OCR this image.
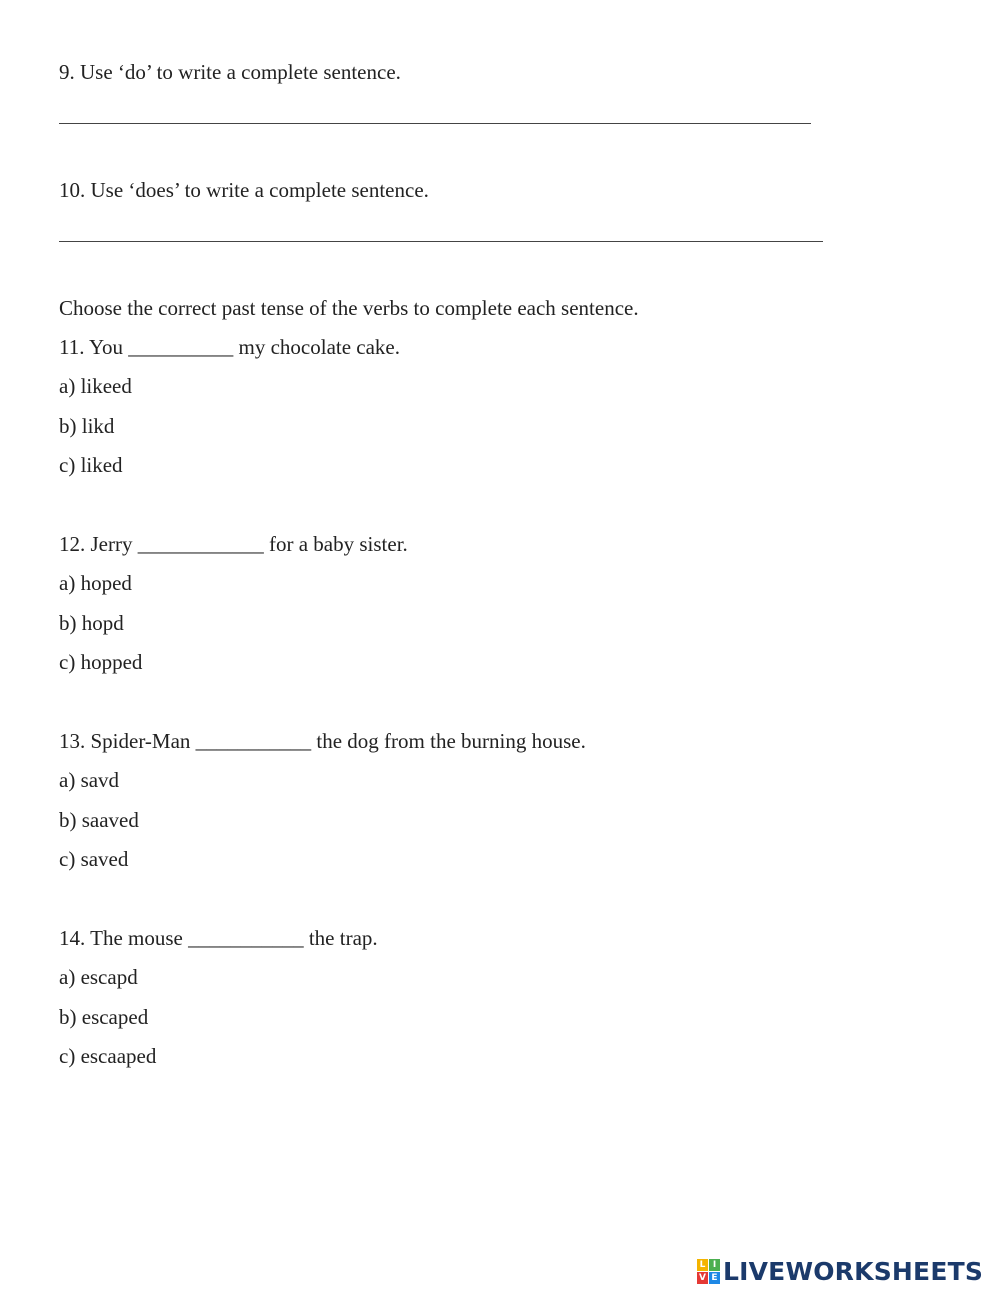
9. Use ‘do’ to write a complete sentence.
10. Use ‘does’ to write a complete sentence.
Choose the correct past tense of the verbs to complete each sentence.
11. You __________ my chocolate cake.
a) likeed
b) likd
c) liked
12. Jerry ____________ for a baby sister.
a) hoped
b) hopd
c) hopped
13. Spider-Man ___________ the dog from the burning house.
a) savd
b) saaved
c) saved
14. The mouse ___________ the trap.
a) escapd
b) escaped
c) escaaped
L I
V E LIVEWORKSHEETS
